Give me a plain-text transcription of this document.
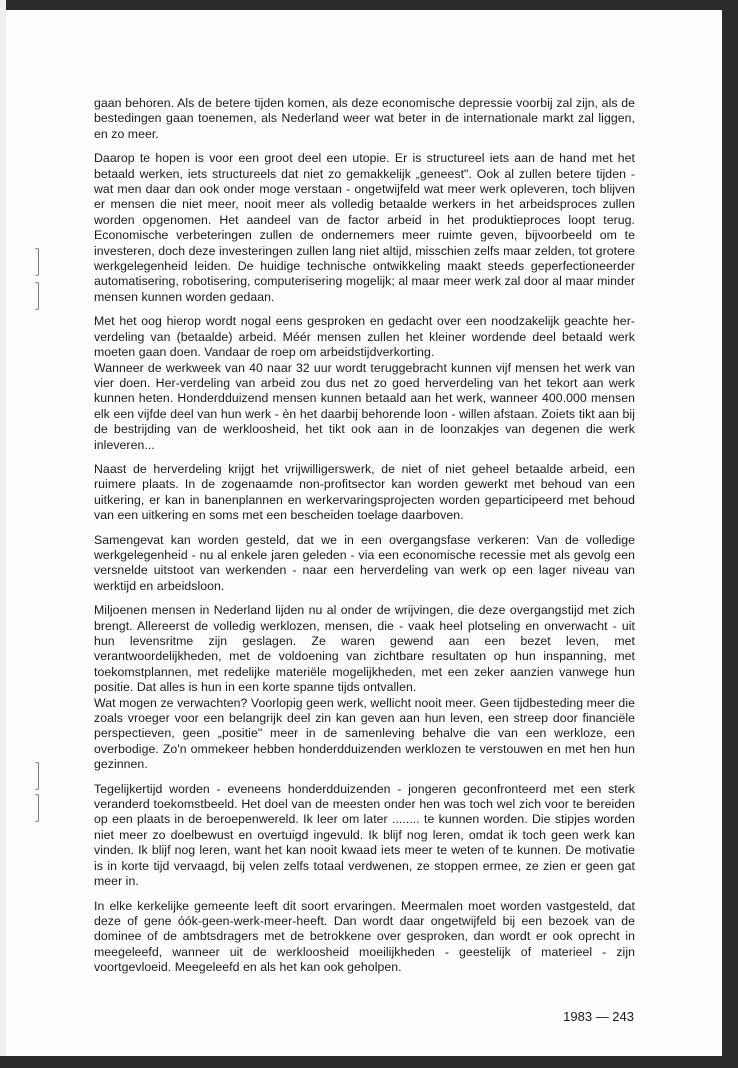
gaan behoren. Als de betere tijden komen, als deze economische depressie voorbij zal zijn, als de bestedingen gaan toenemen, als Nederland weer wat beter in de internationale markt zal liggen, en zo meer.

Daarop te hopen is voor een groot deel een utopie. Er is structureel iets aan de hand met het betaald werken, iets structureels dat niet zo gemakkelijk „geneest". Ook al zullen betere tijden - wat men daar dan ook onder moge verstaan - ongetwijfeld wat meer werk opleveren, toch blijven er mensen die niet meer, nooit meer als volledig betaalde werkers in het arbeidsproces zullen worden opgenomen. Het aandeel van de factor arbeid in het produktieproces loopt terug. Economische verbeteringen zullen de ondernemers meer ruimte geven, bijvoorbeeld om te investeren, doch deze investeringen zullen lang niet altijd, misschien zelfs maar zelden, tot grotere werkgelegenheid leiden. De huidige technische ontwikkeling maakt steeds geperfectioneerder automatisering, robotisering, computerisering mogelijk; al maar meer werk zal door al maar minder mensen kunnen worden gedaan.

Met het oog hierop wordt nogal eens gesproken en gedacht over een noodzakelijk geachte her-verdeling van (betaalde) arbeid. Méér mensen zullen het kleiner wordende deel betaald werk moeten gaan doen. Vandaar de roep om arbeidstijdverkorting.

Wanneer de werkweek van 40 naar 32 uur wordt teruggebracht kunnen vijf mensen het werk van vier doen. Her-verdeling van arbeid zou dus net zo goed herverdeling van het tekort aan werk kunnen heten. Honderdduizend mensen kunnen betaald aan het werk, wanneer 400.000 mensen elk een vijfde deel van hun werk - èn het daarbij behorende loon - willen afstaan. Zoiets tikt aan bij de bestrijding van de werkloosheid, het tikt ook aan in de loonzakjes van degenen die werk inleveren...

Naast de herverdeling krijgt het vrijwilligerswerk, de niet of niet geheel betaalde arbeid, een ruimere plaats. In de zogenaamde non-profitsector kan worden gewerkt met behoud van een uitkering, er kan in banenplannen en werkervaringsprojecten worden geparticipeerd met behoud van een uitkering en soms met een bescheiden toelage daarboven.

Samengevat kan worden gesteld, dat we in een overgangsfase verkeren: Van de volledige werkgelegenheid - nu al enkele jaren geleden - via een economische recessie met als gevolg een versnelde uitstoot van werkenden - naar een herverdeling van werk op een lager niveau van werktijd en arbeidsloon.

Miljoenen mensen in Nederland lijden nu al onder de wrijvingen, die deze overgangstijd met zich brengt. Allereerst de volledig werklozen, mensen, die - vaak heel plotseling en onverwacht - uit hun levensritme zijn geslagen. Ze waren gewend aan een bezet leven, met verantwoordelijkheden, met de voldoening van zichtbare resultaten op hun inspanning, met toekomstplannen, met redelijke materiële mogelijkheden, met een zeker aanzien vanwege hun positie. Dat alles is hun in een korte spanne tijds ontvallen.

Wat mogen ze verwachten? Voorlopig geen werk, wellicht nooit meer. Geen tijdbesteding meer die zoals vroeger voor een belangrijk deel zin kan geven aan hun leven, een streep door financiële perspectieven, geen „positie" meer in de samenleving behalve die van een werkloze, een overbodige. Zo'n ommekeer hebben honderdduizenden werklozen te verstouwen en met hen hun gezinnen.

Tegelijkertijd worden - eveneens honderdduizenden - jongeren geconfronteerd met een sterk veranderd toekomstbeeld. Het doel van de meesten onder hen was toch wel zich voor te bereiden op een plaats in de beroepenwereld. Ik leer om later ........ te kunnen worden. Die stipjes worden niet meer zo doelbewust en overtuigd ingevuld. Ik blijf nog leren, omdat ik toch geen werk kan vinden. Ik blijf nog leren, want het kan nooit kwaad iets meer te weten of te kunnen. De motivatie is in korte tijd vervaagd, bij velen zelfs totaal verdwenen, ze stoppen ermee, ze zien er geen gat meer in.

In elke kerkelijke gemeente leeft dit soort ervaringen. Meermalen moet worden vastgesteld, dat deze of gene óók-geen-werk-meer-heeft. Dan wordt daar ongetwijfeld bij een bezoek van de dominee of de ambtsdragers met de betrokkene over gesproken, dan wordt er ook oprecht in meegeleefd, wanneer uit de werkloosheid moeilijkheden - geestelijk of materieel - zijn voortgevloeid. Meegeleefd en als het kan ook geholpen.

1983 — 243
